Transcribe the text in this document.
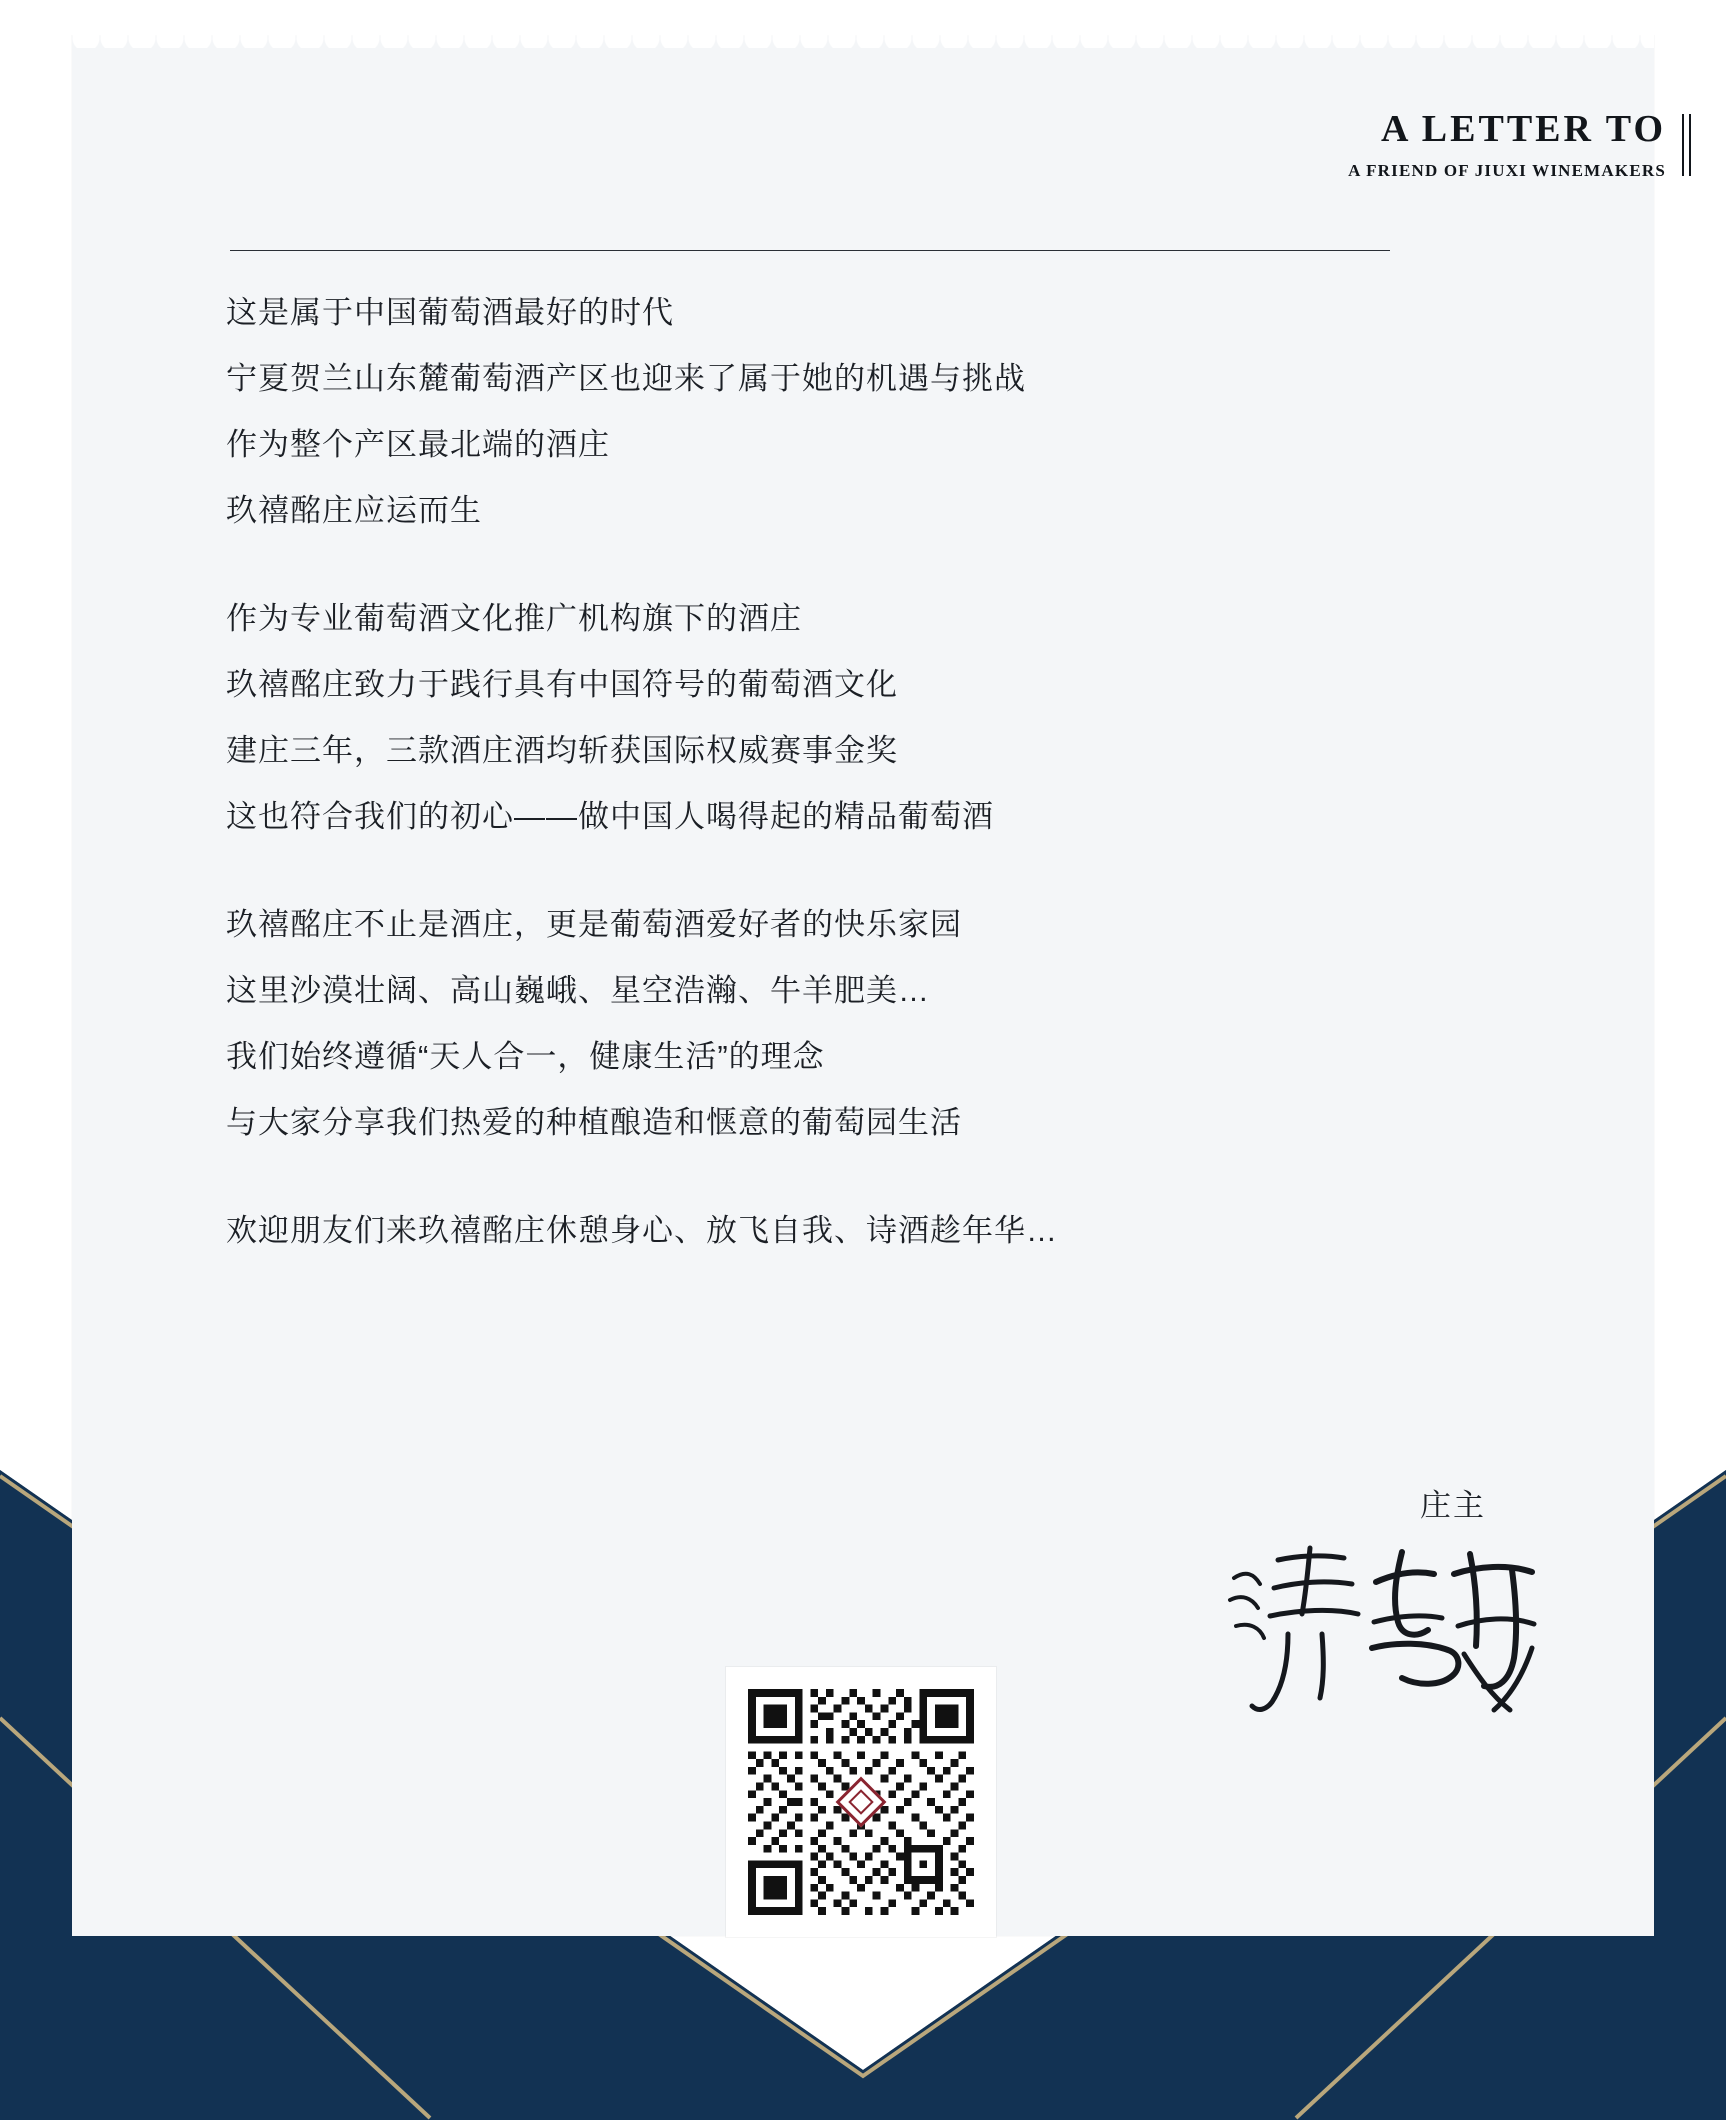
A LETTER TO
A FRIEND OF JIUXI WINEMAKERS

这是属于中国葡萄酒最好的时代
宁夏贺兰山东麓葡萄酒产区也迎来了属于她的机遇与挑战
作为整个产区最北端的酒庄
玖禧酩庄应运而生

作为专业葡萄酒文化推广机构旗下的酒庄
玖禧酩庄致力于践行具有中国符号的葡萄酒文化
建庄三年，三款酒庄酒均斩获国际权威赛事金奖
这也符合我们的初心——做中国人喝得起的精品葡萄酒

玖禧酩庄不止是酒庄，更是葡萄酒爱好者的快乐家园
这里沙漠壮阔、高山巍峨、星空浩瀚、牛羊肥美…
我们始终遵循“天人合一，健康生活”的理念
与大家分享我们热爱的种植酿造和惬意的葡萄园生活

欢迎朋友们来玖禧酩庄休憩身心、放飞自我、诗酒趁年华…

庄主
